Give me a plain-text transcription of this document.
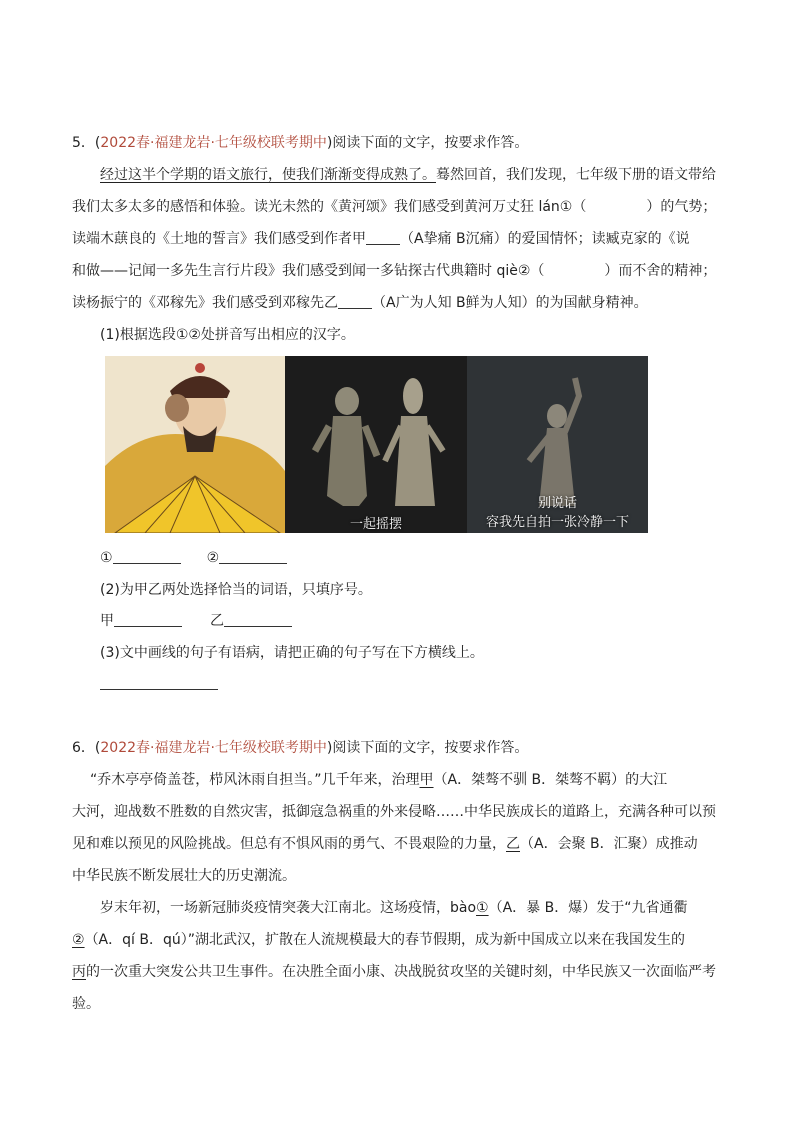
5．(2022春·福建龙岩·七年级校联考期中)阅读下面的文字，按要求作答。
经过这半个学期的语文旅行，使我们渐渐变得成熟了。蓦然回首，我们发现，七年级下册的语文带给
我们太多太多的感悟和体验。读光未然的《黄河颂》我们感受到黄河万丈狂 lán①（	）的气势；
读端木蕻良的《土地的誓言》我们感受到作者甲 （A挚痛 B沉痛）的爱国情怀；读臧克家的《说
和做——记闻一多先生言行片段》我们感受到闻一多钻探古代典籍时 qiè②（	）而不舍的精神；
读杨振宁的《邓稼先》我们感受到邓稼先乙 （A广为人知 B鲜为人知）的为国献身精神。
(1)根据选段①②处拼音写出相应的汉字。
一起摇摆
别说话
容我先自拍一张冷静一下
①	②
(2)为甲乙两处选择恰当的词语，只填序号。
甲	乙
(3)文中画线的句子有语病，请把正确的句子写在下方横线上。
6．(2022春·福建龙岩·七年级校联考期中)阅读下面的文字，按要求作答。
“乔木亭亭倚盖苍，栉风沐雨自担当。”几千年来，治理甲（A．桀骜不驯 B．桀骜不羁）的大江
大河，迎战数不胜数的自然灾害，抵御寇急祸重的外来侵略……中华民族成长的道路上，充满各种可以预
见和难以预见的风险挑战。但总有不惧风雨的勇气、不畏艰险的力量，乙（A．会聚 B．汇聚）成推动
中华民族不断发展壮大的历史潮流。
岁末年初，一场新冠肺炎疫情突袭大江南北。这场疫情，bào①（A．暴 B．爆）发于“九省通衢
②（A．qí B．qú）”湖北武汉，扩散在人流规模最大的春节假期，成为新中国成立以来在我国发生的
丙的一次重大突发公共卫生事件。在决胜全面小康、决战脱贫攻坚的关键时刻，中华民族又一次面临严考
验。
